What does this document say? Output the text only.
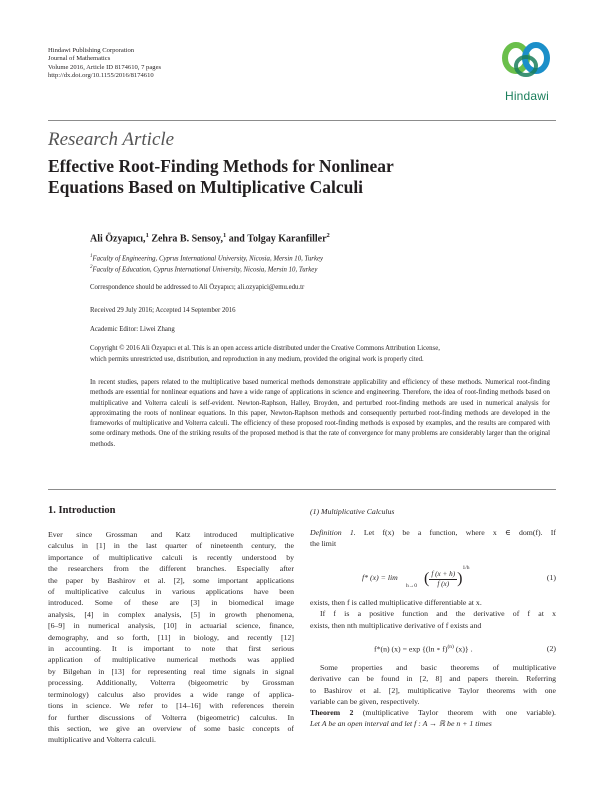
Hindawi Publishing Corporation
Journal of Mathematics
Volume 2016, Article ID 8174610, 7 pages
http://dx.doi.org/10.1155/2016/8174610
Hindawi
Research Article
Effective Root-Finding Methods for Nonlinear
Equations Based on Multiplicative Calculi
Ali Özyapıcı,$^1$ Zehra B. Sensoy,$^1$ and Tolgay Karanfiller$^2$
$^1$Faculty of Engineering, Cyprus International University, Nicosia, Mersin 10, Turkey
$^2$Faculty of Education, Cyprus International University, Nicosia, Mersin 10, Turkey
Correspondence should be addressed to Ali Özyapıcı; ali.ozyapici@emu.edu.tr
Received 29 July 2016; Accepted 14 September 2016
Academic Editor: Liwei Zhang
Copyright © 2016 Ali Özyapıcı et al. This is an open access article distributed under the Creative Commons Attribution License,
which permits unrestricted use, distribution, and reproduction in any medium, provided the original work is properly cited.
In recent studies, papers related to the multiplicative based numerical methods demonstrate applicability and efficiency of these methods. Numerical root-finding methods are essential for nonlinear equations and have a wide range of applications in science and engineering. Therefore, the idea of root-finding methods based on multiplicative and Volterra calculi is self-evident. Newton-Raphson, Halley, Broyden, and perturbed root-finding methods are used in numerical analysis for approximating the roots of nonlinear equations. In this paper, Newton-Raphson methods and consequently perturbed root-finding methods are developed in the frameworks of multiplicative and Volterra calculi. The efficiency of these proposed root-finding methods is exposed by examples, and the results are compared with some ordinary methods. One of the striking results of the proposed method is that the rate of convergence for many problems are considerably larger than the original methods.
1. Introduction
Ever since Grossman and Katz introduced multiplicative
calculus in [1] in the last quarter of nineteenth century, the
importance of multiplicative calculi is recently understood by
the researchers from the different branches. Especially after
the paper by Bashirov et al. [2], some important applications
of multiplicative calculus in various applications have been
introduced. Some of these are [3] in biomedical image
analysis, [4] in complex analysis, [5] in growth phenomena,
[6–9] in numerical analysis, [10] in actuarial science, finance,
demography, and so forth, [11] in biology, and recently [12]
in accounting. It is important to note that first serious
application of multiplicative numerical methods was applied
by Bilgehan in [13] for representing real time signals in signal
processing. Additionally, Volterra (bigeometric by Grossman
terminology) calculus also provides a wide range of applica-
tions in science. We refer to [14–16] with references therein
for further discussions of Volterra (bigeometric) calculus. In
this section, we give an overview of some basic concepts of
multiplicative and Volterra calculi.
(1) Multiplicative Calculus
Definition 1. Let f(x) be a function, where x ∈ dom(f). If
the limit
f* (x) = lim
h→0 ( $\frac{f (x + h)}{f (x)} )^{1/h}$
(1)
exists, then f is called multiplicative differentiable at x.
If f is a positive function and the derivative of f at x
exists, then nth multiplicative derivative of f exists and
f*(n) (x) = exp {(ln ∘ f)$^{(n)}$ (x)} .	(2)
Some properties and basic theorems of multiplicative
derivative can be found in [2, 8] and papers therein. Referring
to Bashirov et al. [2], multiplicative Taylor theorems with one
variable can be given, respectively.
Theorem 2 (multiplicative Taylor theorem with one variable).
Let A be an open interval and let f : A → ℝ be n + 1 times
